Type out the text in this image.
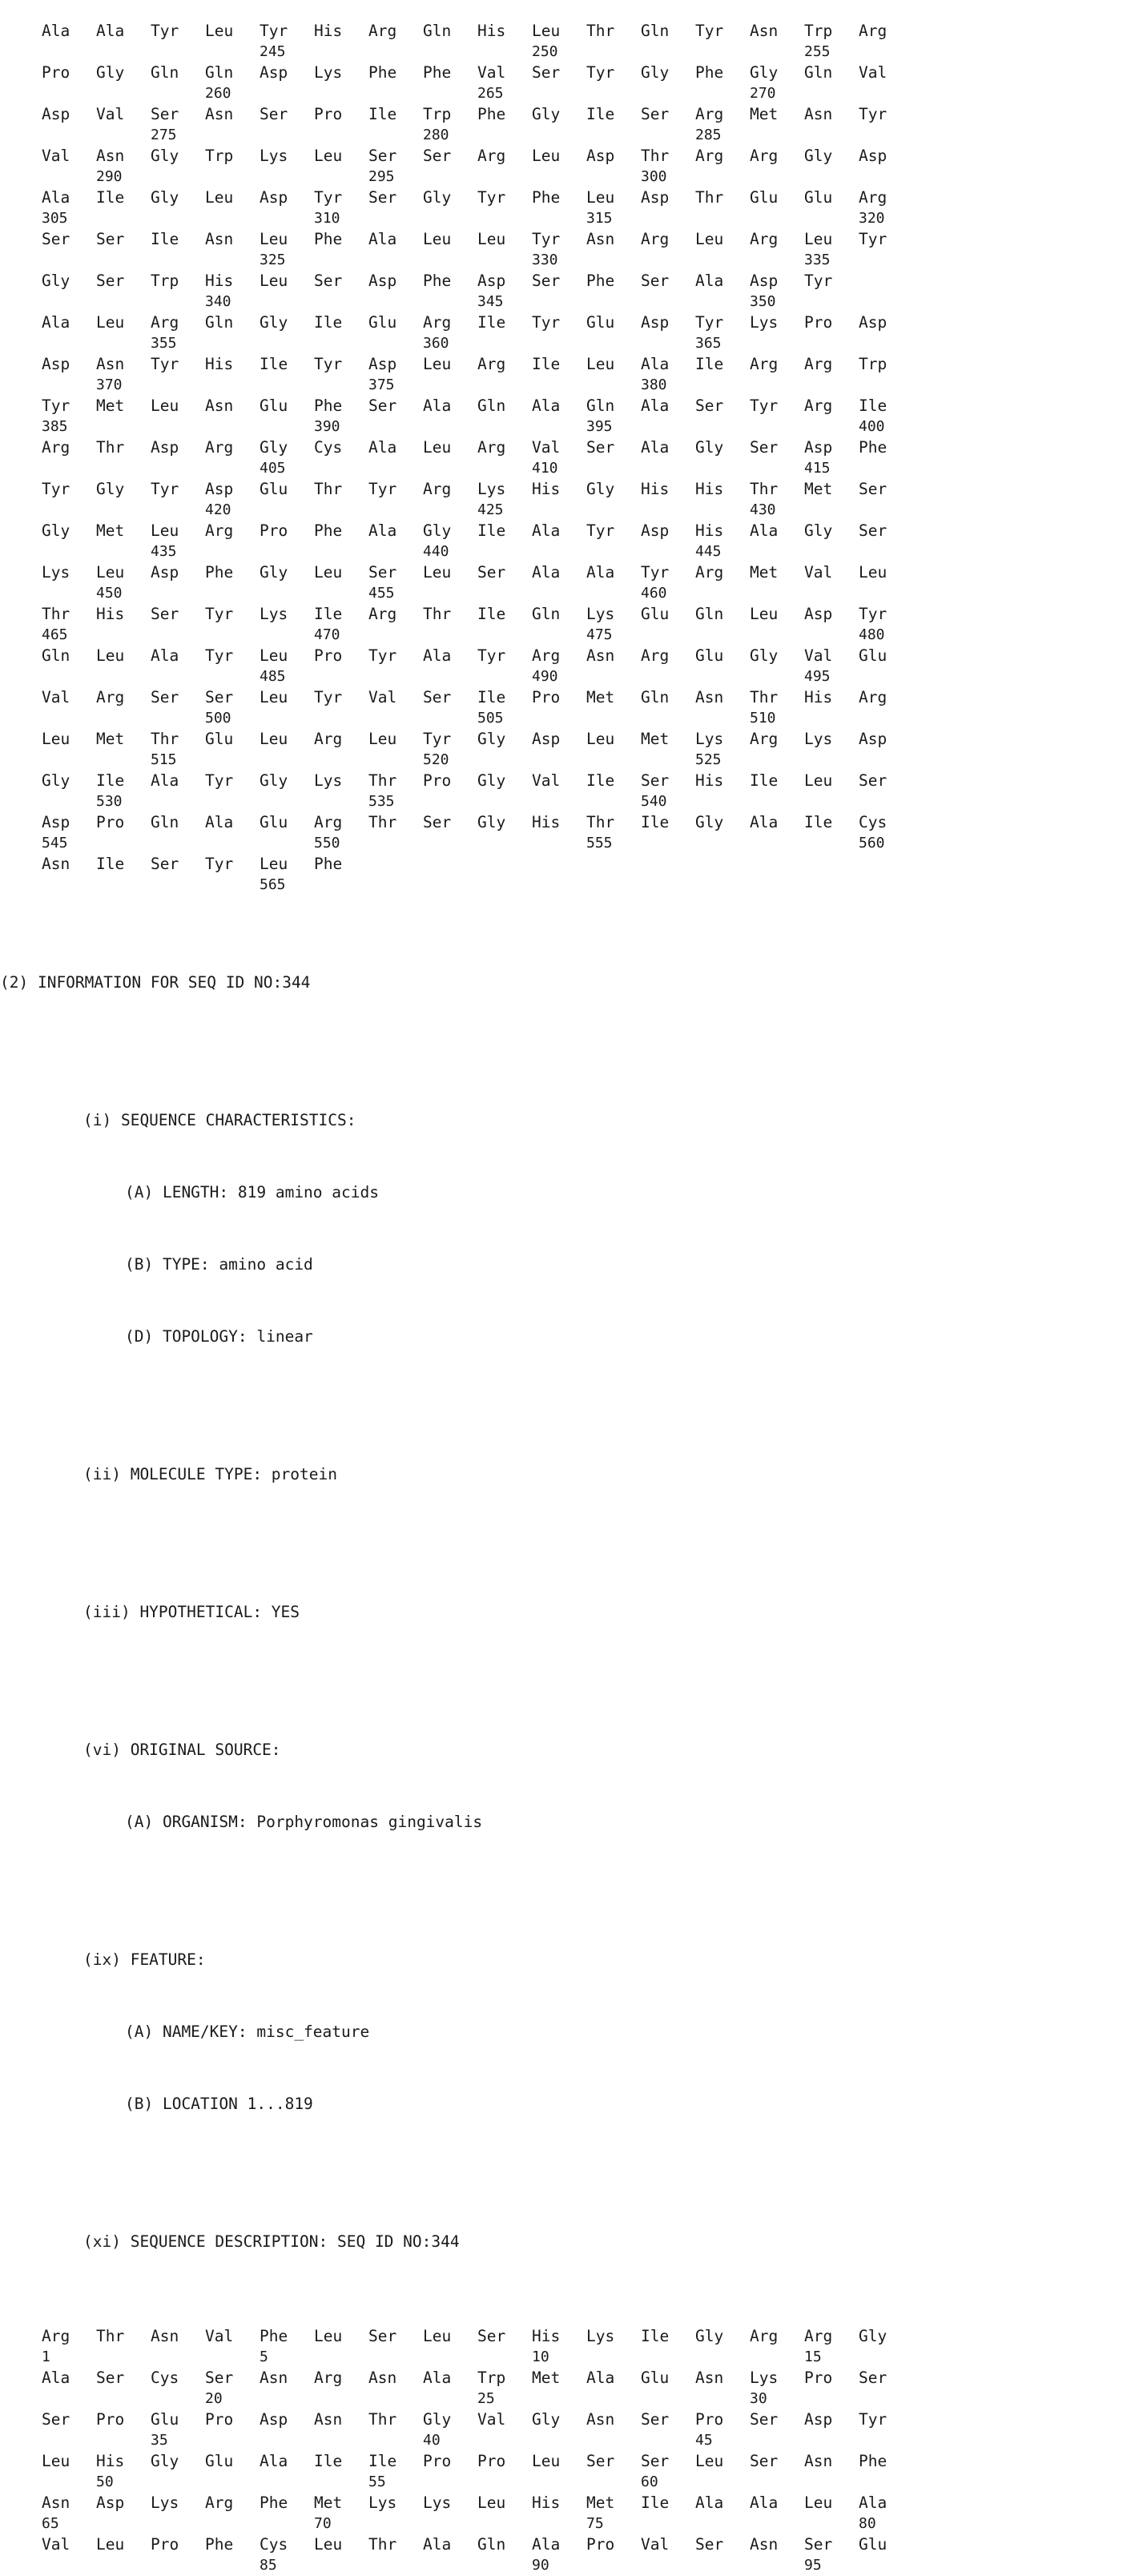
Ala Ala Tyr Leu Tyr His Arg Gln His Leu Thr Gln Tyr Asn Trp Arg
245	250	255
Pro Gly Gln Gln Asp Lys Phe Phe Val Ser Tyr Gly Phe Gly Gln Val
260	265	270
Asp Val Ser Asn Ser Pro Ile Trp Phe Gly Ile Ser Arg Met Asn Tyr
275	280	285
Val Asn Gly Trp Lys Leu Ser Ser Arg Leu Asp Thr Arg Arg Gly Asp
290	295	300
Ala Ile Gly Leu Asp Tyr Ser Gly Tyr Phe Leu Asp Thr Glu Glu Arg
305	310	315	320
Ser Ser Ile Asn Leu Phe Ala Leu Leu Tyr Asn Arg Leu Arg Leu Tyr
325	330	335
Gly Ser Trp His Leu Ser Asp Phe Asp Ser Phe Ser Ala Asp Tyr
340	345	350
Ala Leu Arg Gln Gly Ile Glu Arg Ile Tyr Glu Asp Tyr Lys Pro Asp
355	360	365
Asp Asn Tyr His Ile Tyr Asp Leu Arg Ile Leu Ala Ile Arg Arg Trp
370	375	380
Tyr Met Leu Asn Glu Phe Ser Ala Gln Ala Gln Ala Ser Tyr Arg Ile
385	390	395	400
Arg Thr Asp Arg Gly Cys Ala Leu Arg Val Ser Ala Gly Ser Asp Phe
405	410	415
Tyr Gly Tyr Asp Glu Thr Tyr Arg Lys His Gly His His Thr Met Ser
420	425	430
Gly Met Leu Arg Pro Phe Ala Gly Ile Ala Tyr Asp His Ala Gly Ser
435	440	445
Lys Leu Asp Phe Gly Leu Ser Leu Ser Ala Ala Tyr Arg Met Val Leu
450	455	460
Thr His Ser Tyr Lys Ile Arg Thr Ile Gln Lys Glu Gln Leu Asp Tyr
465	470	475	480
Gln Leu Ala Tyr Leu Pro Tyr Ala Tyr Arg Asn Arg Glu Gly Val Glu
485	490	495
Val Arg Ser Ser Leu Tyr Val Ser Ile Pro Met Gln Asn Thr His Arg
500	505	510
Leu Met Thr Glu Leu Arg Leu Tyr Gly Asp Leu Met Lys Arg Lys Asp
515	520	525
Gly Ile Ala Tyr Gly Lys Thr Pro Gly Val Ile Ser His Ile Leu Ser
530	535	540
Asp Pro Gln Ala Glu Arg Thr Ser Gly His Thr Ile Gly Ala Ile Cys
545	550	555	560
Asn Ile Ser Tyr Leu Phe
565

(2) INFORMATION FOR SEQ ID NO:344

(i) SEQUENCE CHARACTERISTICS:

(A) LENGTH: 819 amino acids

(B) TYPE: amino acid

(D) TOPOLOGY: linear

(ii) MOLECULE TYPE: protein

(iii) HYPOTHETICAL: YES

(vi) ORIGINAL SOURCE:

(A) ORGANISM: Porphyromonas gingivalis

(ix) FEATURE:

(A) NAME/KEY: misc_feature

(B) LOCATION 1...819

(xi) SEQUENCE DESCRIPTION: SEQ ID NO:344

Arg Thr Asn Val Phe Leu Ser Leu Ser His Lys Ile Gly Arg Arg Gly
1	5	10	15
Ala Ser Cys Ser Asn Arg Asn Ala Trp Met Ala Glu Asn Lys Pro Ser
20	25	30
Ser Pro Glu Pro Asp Asn Thr Gly Val Gly Asn Ser Pro Ser Asp Tyr
35	40	45
Leu His Gly Glu Ala Ile Ile Pro Pro Leu Ser Ser Leu Ser Asn Phe
50	55	60
Asn Asp Lys Arg Phe Met Lys Lys Leu His Met Ile Ala Ala Leu Ala
65	70	75	80
Val Leu Pro Phe Cys Leu Thr Ala Gln Ala Pro Val Ser Asn Ser Glu
85	90	95
